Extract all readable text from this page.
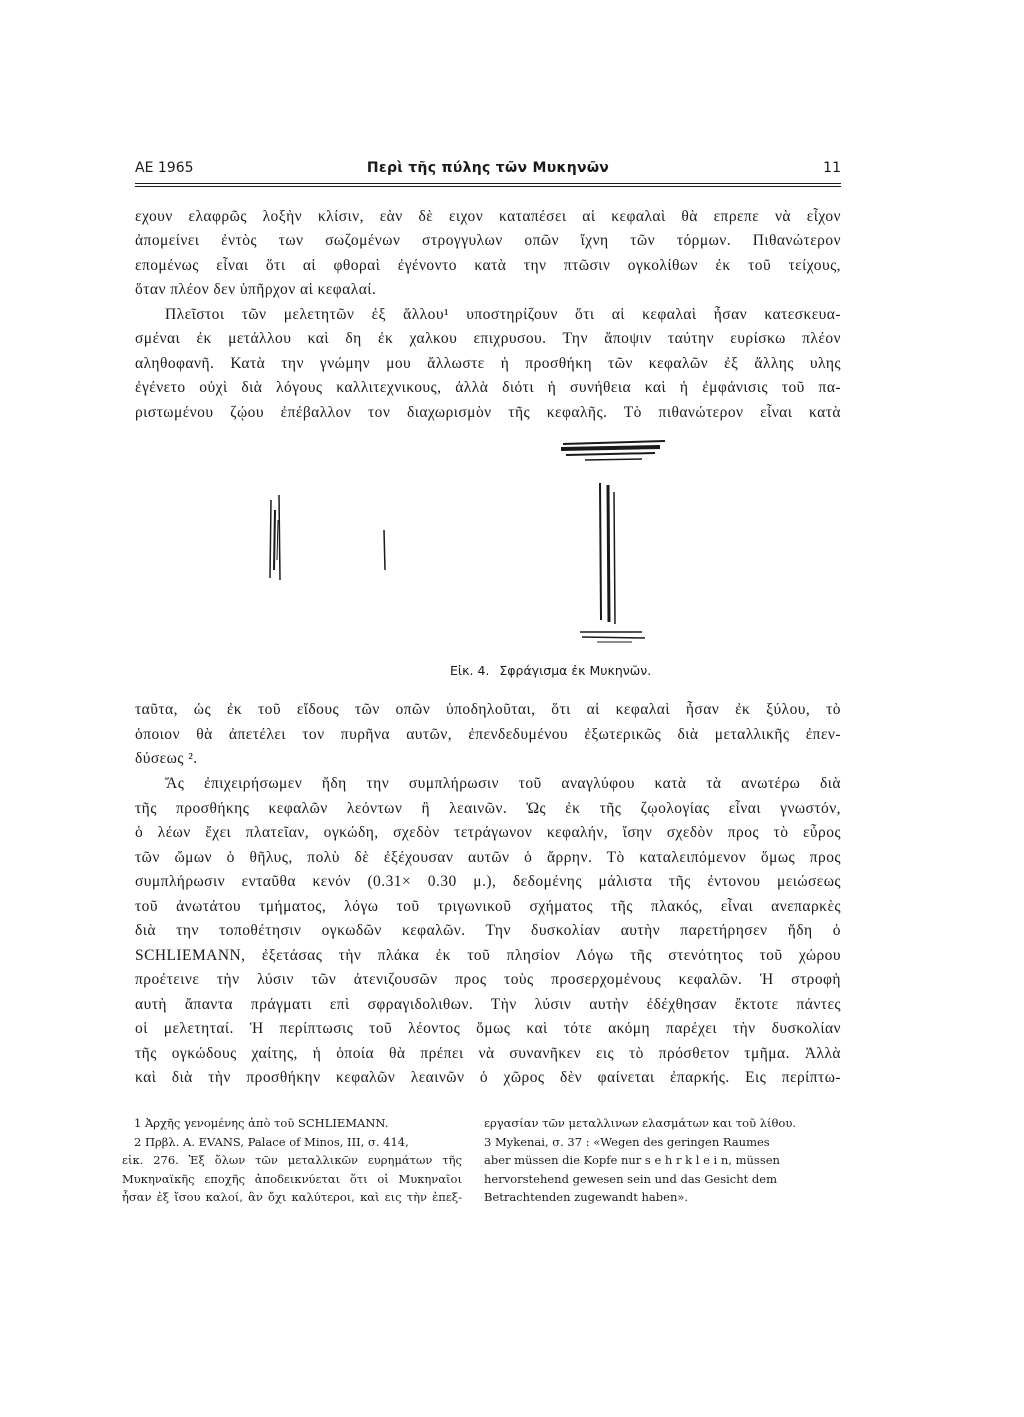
ΑΕ 1965	Περὶ τῆς πύλης τῶν Μυκηνῶν	11
εχουν ελαφρῶς λοξὴν κλίσιν, εὰν δὲ ειχον καταπέσει αἱ κεφαλαὶ θὰ επρεπε νὰ εἶχον
ἀπομείνει ἐντὸς των σωζομένων στρογγυλων οπῶν ἴχνη τῶν τόρμων. Πιθανώτερον
επομένως εἶναι ὅτι αἱ φθοραὶ ἐγένοντο κατὰ την πτῶσιν ογκολίθων ἐκ τοῦ τείχους,
ὅταν πλέον δεν ὑπῆρχον αἱ κεφαλαί.
Πλεῖστοι τῶν μελετητῶν ἐξ ἄλλου¹ υποστηρίζουν ὅτι αἱ κεφαλαὶ ἦσαν κατεσκευα-
σμέναι ἐκ μετάλλου καὶ δη ἐκ χαλκου επιχρυσου. Την ἄποψιν ταύτην ευρίσκω πλέον
αληθοφανῆ. Κατὰ την γνώμην μου ἄλλωστε ἡ προσθήκη τῶν κεφαλῶν ἐξ ἄλλης υλης
ἐγένετο οὐχὶ διὰ λόγους καλλιτεχνικους, ἀλλὰ διότι ἡ συνήθεια καὶ ἡ ἐμφάνισις τοῦ πα-
ριστωμένου ζῴου ἐπέβαλλον τον διαχωρισμὸν τῆς κεφαλῆς. Τὸ πιθανώτερον εἶναι κατὰ
Εἰκ. 4. Σφράγισμα ἐκ Μυκηνῶν.
ταῦτα, ὡς ἐκ τοῦ εἴδους τῶν οπῶν ὑποδηλοῦται, ὅτι αἱ κεφαλαὶ ἦσαν ἐκ ξύλου, τὸ
ὁποιον θὰ ἀπετέλει τον πυρῆνα αυτῶν, ἐπενδεδυμένου ἐξωτερικῶς διὰ μεταλλικῆς ἐπεν-
δύσεως ².
Ἄς ἐπιχειρήσωμεν ἤδη την συμπλήρωσιν τοῦ αναγλύφου κατὰ τὰ ανωτέρω διὰ
τῆς προσθήκης κεφαλῶν λεόντων ἢ λεαινῶν. Ὡς ἐκ τῆς ζῳολογίας εἶναι γνωστόν,
ὁ λέων ἔχει πλατεῖαν, ογκώδη, σχεδὸν τετράγωνον κεφαλήν, ἴσην σχεδὸν προς τὸ εὖρος
τῶν ὤμων ὁ θῆλυς, πολὺ δὲ ἐξέχουσαν αυτῶν ὁ ἄρρην. Τὸ καταλειπόμενον ὅμως προς
συμπλήρωσιν ενταῦθα κενόν (0.31× 0.30 μ.), δεδομένης μάλιστα τῆς ἐντονου μειώσεως
τοῦ ἀνωτάτου τμήματος, λόγω τοῦ τριγωνικοῦ σχήματος τῆς πλακός, εἶναι ανεπαρκὲς
διὰ την τοποθέτησιν ογκωδῶν κεφαλῶν. Την δυσκολίαν αυτὴν παρετήρησεν ἤδη ὁ
SCHLIEMANN, ἐξετάσας τὴν πλάκα ἐκ τοῦ πλησίον Λόγω τῆς στενότητος τοῦ χώρου
προέτεινε τὴν λύσιν τῶν ἀτενιζουσῶν προς τοὺς προσερχομένους κεφαλῶν. Ἡ στροφὴ
αυτὴ ἄπαντα πράγματι επὶ σφραγιδολιθων. Τὴν λύσιν αυτὴν ἐδέχθησαν ἔκτοτε πάντες
οἱ μελετηταί. Ἡ περίπτωσις τοῦ λέοντος ὅμως καὶ τότε ακόμη παρέχει τὴν δυσκολίαν
τῆς ογκώδους χαίτης, ἡ ὁποία θὰ πρέπει νὰ συνανῆκεν εις τὸ πρόσθετον τμῆμα. Ἀλλὰ
καὶ διὰ τὴν προσθήκην κεφαλῶν λεαινῶν ὁ χῶρος δὲν φαίνεται ἐπαρκής. Εις περίπτω-
1 Ἀρχῆς γενομένης ἀπὸ τοῦ SCHLIEMANN.
2 Πρβλ. A. EVANS, Palace of Minos, III, σ. 414,
εἰκ. 276. Ἐξ ὅλων τῶν μεταλλικῶν ευρημάτων τῆς
Μυκηναϊκῆς εποχῆς ἀποδεικνύεται ὅτι οἱ Μυκηναῖοι
ἦσαν ἐξ ἴσου καλοί, ἂν ὄχι καλύτεροι, καὶ εις τὴν ἐπεξ-
εργασίαν τῶν μεταλλινων ελασμάτων και τοῦ λίθου.
3 Mykenai, σ. 37 : «Wegen des geringen Raumes
aber müssen die Kopfe nur s e h r k l e i n, müssen
hervorstehend gewesen sein und das Gesicht dem
Betrachtenden zugewandt haben».
